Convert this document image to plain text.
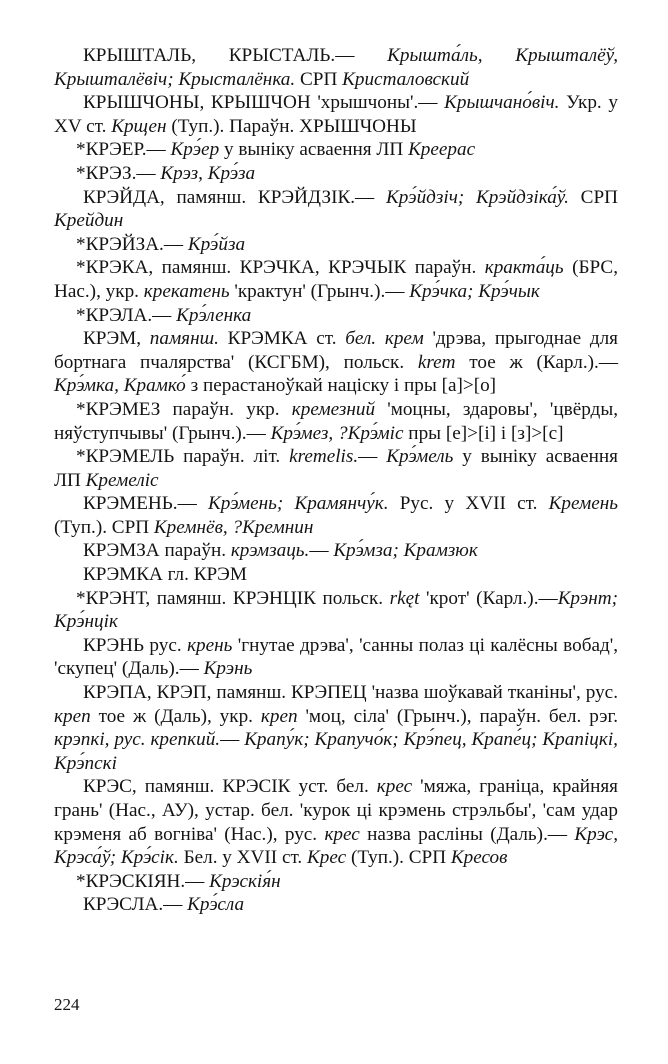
КРЫШТАЛЬ, КРЫСТАЛЬ.— Крышта́ль, Крышталёў, Крышталёвіч; Крысталёнка. СРП Кристаловский

КРЫШЧОНЫ, КРЫШЧОН 'хрышчоны'.— Крышчано́віч. Укр. у XV ст. Крщен (Туп.). Параўн. ХРЫШЧОНЫ

*КРЭЕР.— Крэ́ер у выніку асваення ЛП Креерас

*КРЭЗ.— Крэз, Крэ́за

КРЭЙДА, памянш. КРЭЙДЗІК.— Крэ́йдзіч; Крэйдзіка́ў. СРП Крейдин

*КРЭЙЗА.— Крэ́йза

*КРЭКА, памянш. КРЭЧКА, КРЭЧЫК параўн. кракта́ць (БРС, Нас.), укр. крекатень 'крактун' (Грынч.).— Крэ́чка; Крэ́чык

*КРЭЛА.— Крэ́ленка

КРЭМ, памянш. КРЭМКА ст. бел. крем 'дрэва, прыгоднае для бортнага пчалярства' (КСГБМ), польск. krem тое ж (Карл.).— Крэ́мка, Крамко́ з перастаноўкай націску і пры [а]>[о]

*КРЭМЕЗ параўн. укр. кремезний 'моцны, здаровы', 'цвёрды, няўступчывы' (Грынч.).— Крэ́мез, ?Крэ́міс пры [е]>[і] і [з]>[с]

*КРЭМЕЛЬ параўн. літ. kremelis.— Крэ́мель у выніку асваення ЛП Кремеліс

КРЭМЕНЬ.— Крэ́мень; Крамянчу́к. Рус. у XVII ст. Кремень (Туп.). СРП Кремнёв, ?Кремнин

КРЭМЗА параўн. крэмзаць.— Крэ́мза; Крамзюк

КРЭМКА гл. КРЭМ

*КРЭНТ, памянш. КРЭНЦІК польск. rkęt 'крот' (Карл.).—Крэнт; Крэ́нцік

КРЭНЬ рус. крень 'гнутае дрэва', 'санны полаз ці калёсны вобад', 'скупец' (Даль).— Крэнь

КРЭПА, КРЭП, памянш. КРЭПЕЦ 'назва шоўкавай тканіны', рус. креп тое ж (Даль), укр. креп 'моц, сіла' (Грынч.), параўн. бел. рэг. крэпкі, рус. крепкий.— Крапу́к; Крапучо́к; Крэ́пец, Крапе́ц; Крапіцкі, Крэ́пскі

КРЭС, памянш. КРЭСІК уст. бел. крес 'мяжа, граніца, крайняя грань' (Нас., АУ), устар. бел. 'курок ці крэмень стрэльбы', 'сам удар крэменя аб вогніва' (Нас.), рус. крес назва расліны (Даль).— Крэс, Крэса́ў; Крэ́сік. Бел. у XVII ст. Крес (Туп.). СРП Кресов

*КРЭСКІЯН.— Крэскія́н

КРЭСЛА.— Крэ́сла

224
